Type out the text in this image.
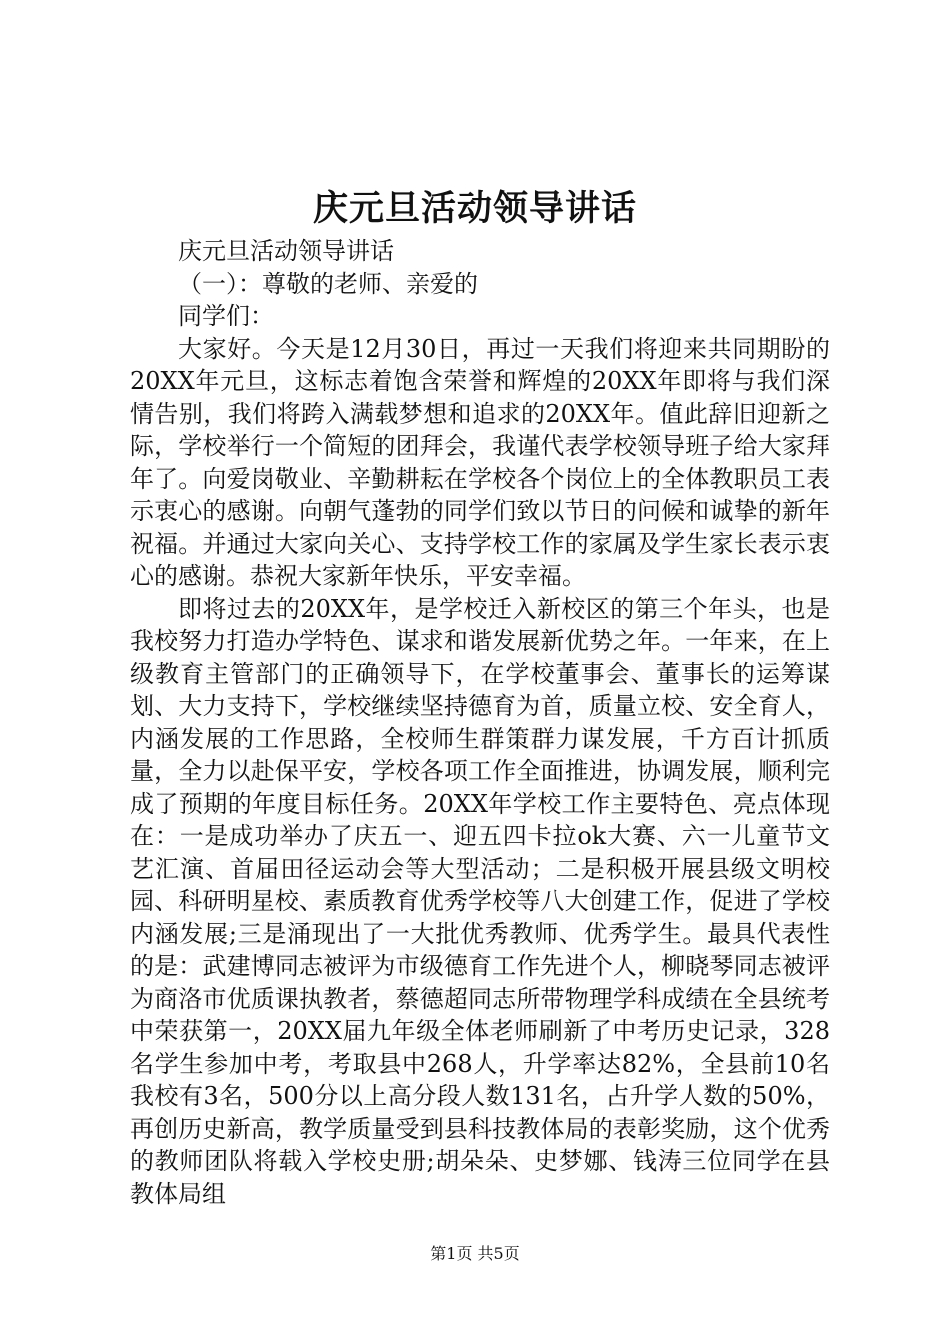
庆元旦活动领导讲话

庆元旦活动领导讲话

（一）：尊敬的老师、亲爱的

同学们：

大家好。今天是12月30日，再过一天我们将迎来共同期盼的20XX年元旦，这标志着饱含荣誉和辉煌的20XX年即将与我们深情告别，我们将跨入满载梦想和追求的20XX年。值此辞旧迎新之际，学校举行一个简短的团拜会，我谨代表学校领导班子给大家拜年了。向爱岗敬业、辛勤耕耘在学校各个岗位上的全体教职员工表示衷心的感谢。向朝气蓬勃的同学们致以节日的问候和诚挚的新年祝福。并通过大家向关心、支持学校工作的家属及学生家长表示衷心的感谢。恭祝大家新年快乐，平安幸福。

即将过去的20XX年，是学校迁入新校区的第三个年头，也是我校努力打造办学特色、谋求和谐发展新优势之年。一年来，在上级教育主管部门的正确领导下，在学校董事会、董事长的运筹谋划、大力支持下，学校继续坚持德育为首，质量立校、安全育人，内涵发展的工作思路，全校师生群策群力谋发展，千方百计抓质量，全力以赴保平安，学校各项工作全面推进，协调发展，顺利完成了预期的年度目标任务。20XX年学校工作主要特色、亮点体现在：一是成功举办了庆五一、迎五四卡拉ok大赛、六一儿童节文艺汇演、首届田径运动会等大型活动；二是积极开展县级文明校园、科研明星校、素质教育优秀学校等八大创建工作，促进了学校内涵发展;三是涌现出了一大批优秀教师、优秀学生。最具代表性的是：武建博同志被评为市级德育工作先进个人，柳晓琴同志被评为商洛市优质课执教者，蔡德超同志所带物理学科成绩在全县统考中荣获第一，20XX届九年级全体老师刷新了中考历史记录，328名学生参加中考，考取县中268人，升学率达82%，全县前10名我校有3名，500分以上高分段人数131名，占升学人数的50%，再创历史新高，教学质量受到县科技教体局的表彰奖励，这个优秀的教师团队将载入学校史册;胡朵朵、史梦娜、钱涛三位同学在县教体局组

第1页 共5页
